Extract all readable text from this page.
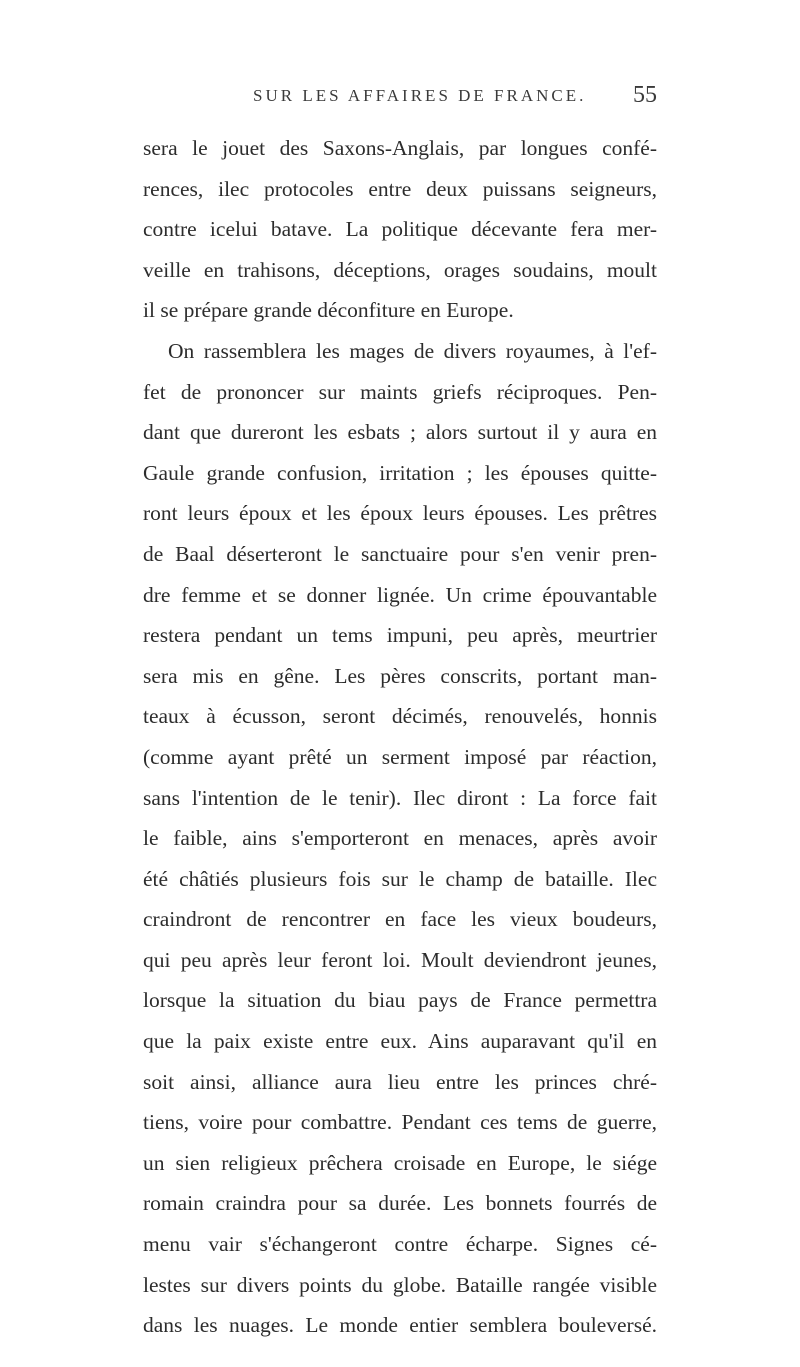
SUR LES AFFAIRES DE FRANCE. 55
sera le jouet des Saxons-Anglais, par longues confé-
rences, ilec protocoles entre deux puissans seigneurs,
contre icelui batave. La politique décevante fera mer-
veille en trahisons, déceptions, orages soudains, moult
il se prépare grande déconfiture en Europe.
On rassemblera les mages de divers royaumes, à l'ef-
fet de prononcer sur maints griefs réciproques. Pen-
dant que dureront les esbats ; alors surtout il y aura en
Gaule grande confusion, irritation ; les épouses quitte-
ront leurs époux et les époux leurs épouses. Les prêtres
de Baal déserteront le sanctuaire pour s'en venir pren-
dre femme et se donner lignée. Un crime épouvantable
restera pendant un tems impuni, peu après, meurtrier
sera mis en gêne. Les pères conscrits, portant man-
teaux à écusson, seront décimés, renouvelés, honnis
(comme ayant prêté un serment imposé par réaction,
sans l'intention de le tenir). Ilec diront : La force fait
le faible, ains s'emporteront en menaces, après avoir
été châtiés plusieurs fois sur le champ de bataille. Ilec
craindront de rencontrer en face les vieux boudeurs,
qui peu après leur feront loi. Moult deviendront jeunes,
lorsque la situation du biau pays de France permettra
que la paix existe entre eux. Ains auparavant qu'il en
soit ainsi, alliance aura lieu entre les princes chré-
tiens, voire pour combattre. Pendant ces tems de guerre,
un sien religieux prêchera croisade en Europe, le siége
romain craindra pour sa durée. Les bonnets fourrés de
menu vair s'échangeront contre écharpe. Signes cé-
lestes sur divers points du globe. Bataille rangée visible
dans les nuages. Le monde entier semblera bouleversé.
